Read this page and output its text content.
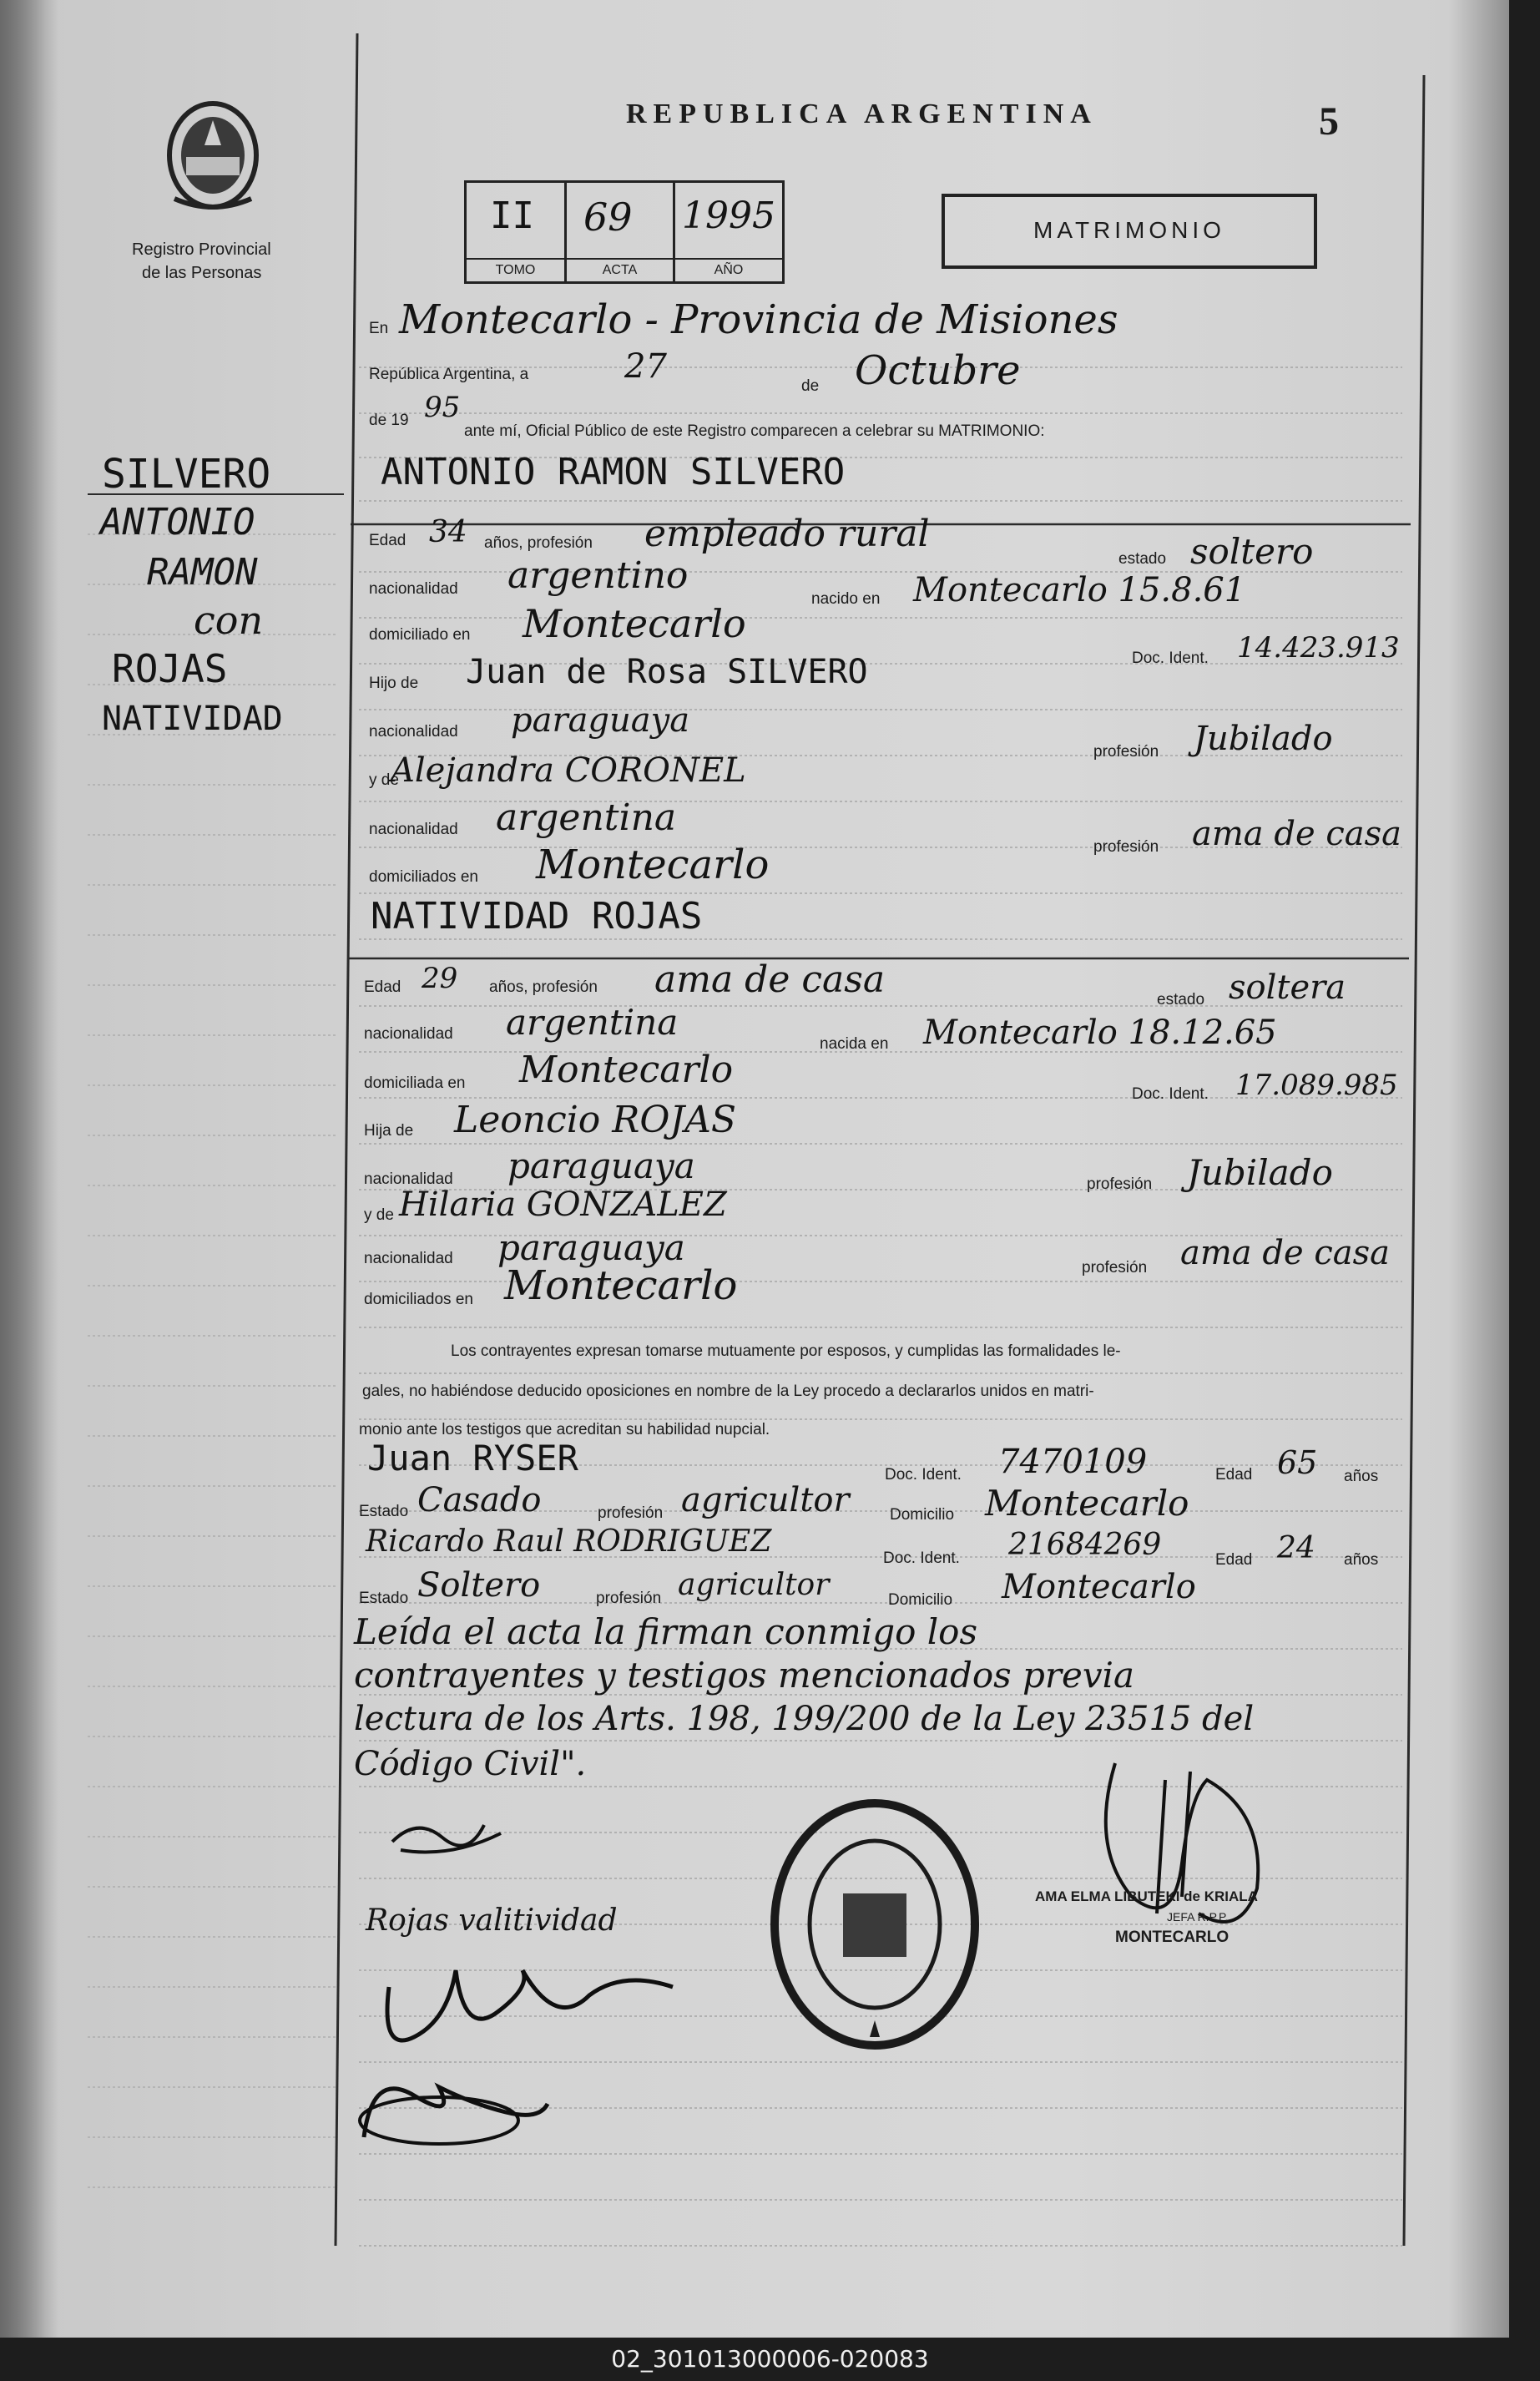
Registro Provincial
de las Personas
REPUBLICA ARGENTINA	5
II
TOMO
69
ACTA
1995
AÑO
MATRIMONIO
SILVERO
ANTONIO
RAMON
con
ROJAS
NATIVIDAD
En Montecarlo - Provincia de Misiones
República Argentina, a	27
de Octubre
de 19 95
ante mí, Oficial Público de este Registro comparecen a celebrar su MATRIMONIO:
ANTONIO RAMON SILVERO
Edad 34 años, profesión empleado rural
estado soltero
nacionalidad argentino
nacido en Montecarlo 15.8.61
domiciliado en Montecarlo
Doc. Ident. 14.423.913
Hijo de Juan de Rosa SILVERO
nacionalidad paraguaya
profesión Jubilado
y de
Alejandra CORONEL
nacionalidad argentina
profesión ama de casa
domiciliados en Montecarlo
NATIVIDAD ROJAS
Edad 29 años, profesión ama de casa	estado soltera
nacionalidad argentina
nacida en Montecarlo 18.12.65
domiciliada en Montecarlo
Doc. Ident. 17.089.985
Hija de Leoncio ROJAS
nacionalidad paraguaya	profesión Jubilado
y de Hilaria GONZALEZ
nacionalidad paraguaya	profesión ama de casa
domiciliados en Montecarlo
Los contrayentes expresan tomarse mutuamente por esposos, y cumplidas las formalidades le-
gales, no habiéndose deducido oposiciones en nombre de la Ley procedo a declararlos unidos en matri-
monio ante los testigos que acreditan su habilidad nupcial.
Juan RYSER	Doc. Ident. 7470109	Edad 65 años
Estado Casado	profesión agricultor	Domicilio Montecarlo
Ricardo Raul RODRIGUEZ	Doc. Ident. 21684269	Edad 24 años
Estado Soltero	profesión agricultor	Domicilio Montecarlo
Leída el acta la firman conmigo los
contrayentes y testigos mencionados previa
lectura de los Arts. 198, 199/200 de la Ley 23515 del
Código Civil".
Rojas valitividad
AMA ELMA LIBUTEKI de KRIALA
JEFA R.P.P.
MONTECARLO
02_301013000006-020083
